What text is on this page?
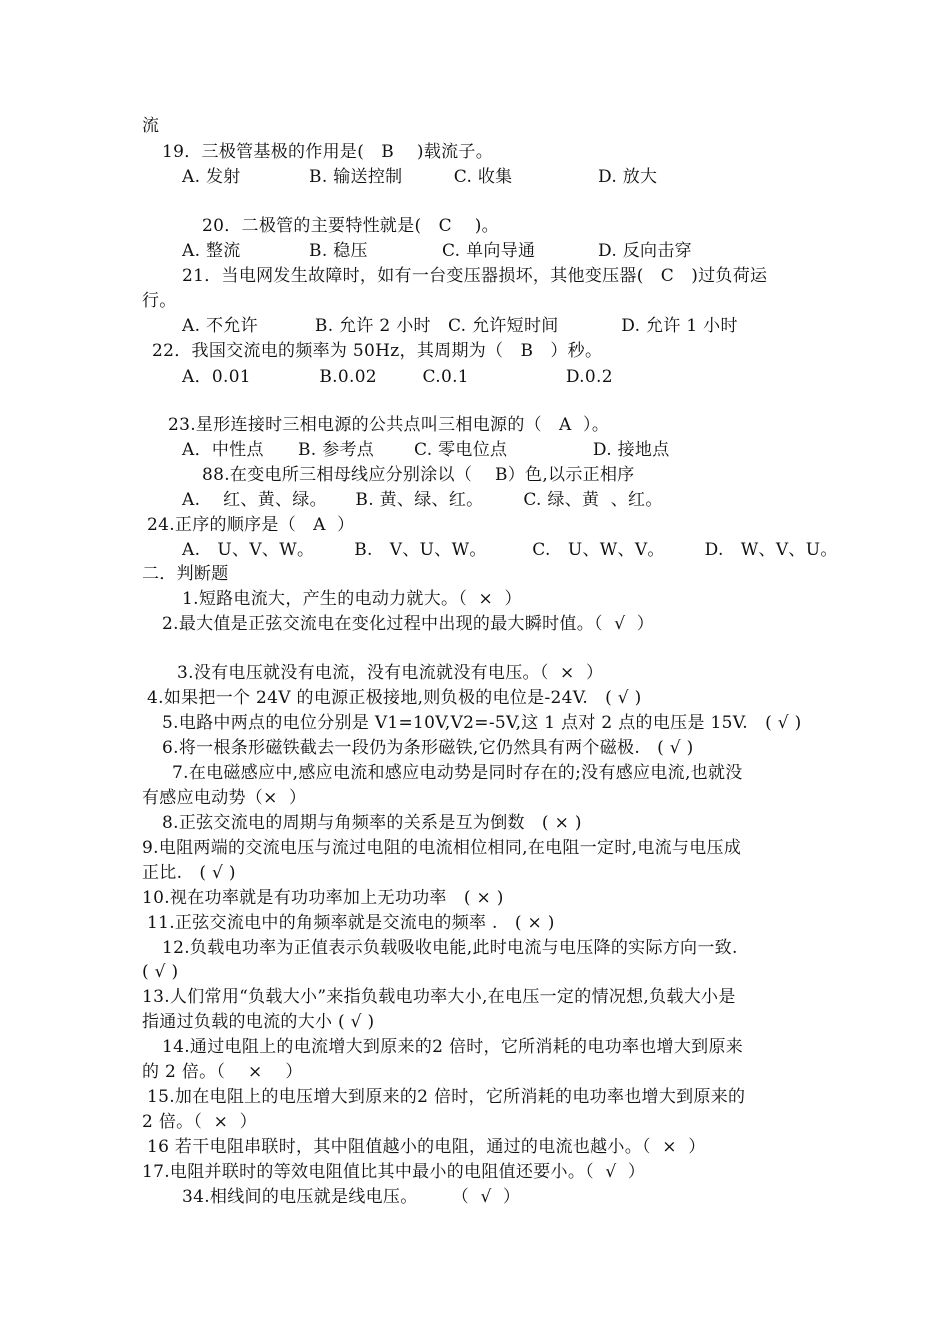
流
19．三极管基极的作用是(   B    )载流子。
A. 发射            B. 输送控制         C. 收集               D. 放大
20．二极管的主要特性就是(   C    )。
A. 整流            B. 稳压             C. 单向导通           D. 反向击穿
21．当电网发生故障时，如有一台变压器损坏，其他变压器(   C   )过负荷运
行。
A. 不允许          B. 允许 2 小时   C. 允许短时间           D. 允许 1 小时
22．我国交流电的频率为 50Hz，其周期为（   B   ）秒。
A．0.01            B.0.02        C.0.1                 D.0.2
23.星形连接时三相电源的公共点叫三相电源的（   A  ）。
A．中性点      B. 参考点       C. 零电位点               D. 接地点
88.在变电所三相母线应分别涂以（    B）色,以示正相序
A.    红、黄、绿。     B. 黄、绿、红。       C. 绿、黄  、红。
24.正序的顺序是（   A  ）
A.   U、V、W。       B.   V、U、W。        C.   U、W、V。       D.   W、V、U。
二．判断题
1.短路电流大，产生的电动力就大。（  ×  ）
2.最大值是正弦交流电在变化过程中出现的最大瞬时值。（  √  ）
3.没有电压就没有电流，没有电流就没有电压。（  ×  ）
4.如果把一个 24V 的电源正极接地,则负极的电位是-24V.   ( √ )
5.电路中两点的电位分别是 V1=10V,V2=-5V,这 1 点对 2 点的电压是 15V.   ( √ )
6.将一根条形磁铁截去一段仍为条形磁铁,它仍然具有两个磁极.   ( √ )
7.在电磁感应中,感应电流和感应电动势是同时存在的;没有感应电流,也就没
有感应电动势（×  ）
8.正弦交流电的周期与角频率的关系是互为倒数   ( × )
9.电阻两端的交流电压与流过电阻的电流相位相同,在电阻一定时,电流与电压成
正比.   ( √ )
10.视在功率就是有功功率加上无功功率   ( × )
11.正弦交流电中的角频率就是交流电的频率 .   ( × )
12.负载电功率为正值表示负载吸收电能,此时电流与电压降的实际方向一致.
( √ )
13.人们常用“负载大小”来指负载电功率大小,在电压一定的情况想,负载大小是
指通过负载的电流的大小 ( √ )
14.通过电阻上的电流增大到原来的2 倍时，它所消耗的电功率也增大到原来
的 2 倍。（    ×    ）
15.加在电阻上的电压增大到原来的2 倍时，它所消耗的电功率也增大到原来的
2 倍。（  ×  ）
16 若干电阻串联时，其中阻值越小的电阻，通过的电流也越小。（  ×  ）
17.电阻并联时的等效电阻值比其中最小的电阻值还要小。（  √  ）
34.相线间的电压就是线电压。      （  √  ）
